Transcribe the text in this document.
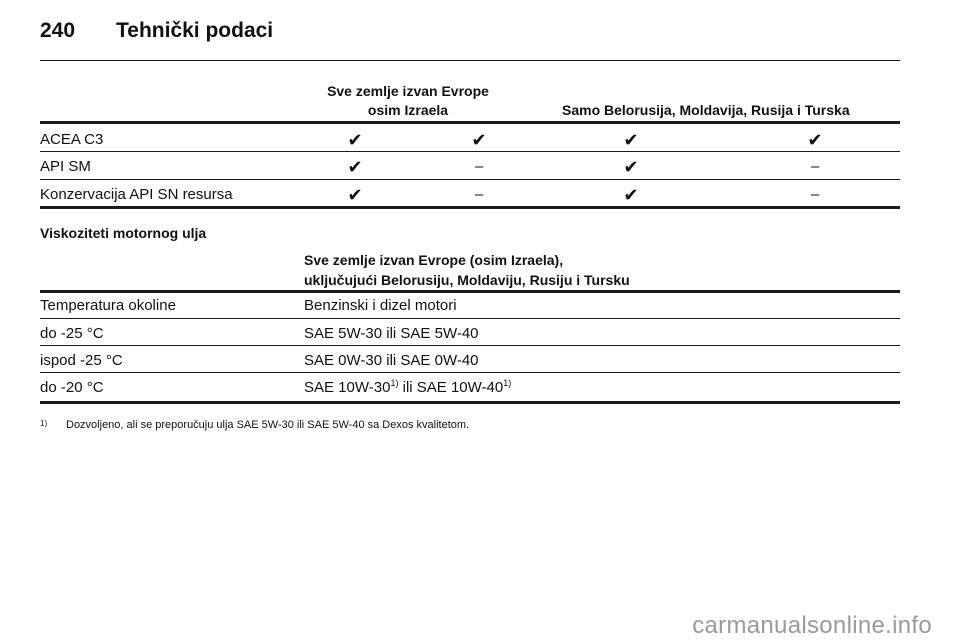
240 Tehnički podaci
Sve zemlje izvan Evrope
osim Izraela	Samo Belorusija, Moldavija, Rusija i Turska
ACEA C3	✔	✔	✔	✔
API SM	✔	–	✔	–
Konzervacija API SN resursa	✔	–	✔	–
Viskoziteti motornog ulja
Sve zemlje izvan Evrope (osim Izraela),
uključujući Belorusiju, Moldaviju, Rusiju i Tursku
Temperatura okoline	Benzinski i dizel motori
do -25 °C	SAE 5W-30 ili SAE 5W-40
ispod -25 °C	SAE 0W-30 ili SAE 0W-40
do -20 °C	SAE 10W-30$^{1)}$ ili SAE 10W-40$^{1)}$
1) Dozvoljeno, ali se preporučuju ulja SAE 5W-30 ili SAE 5W-40 sa Dexos kvalitetom.
carmanualsonline.info
